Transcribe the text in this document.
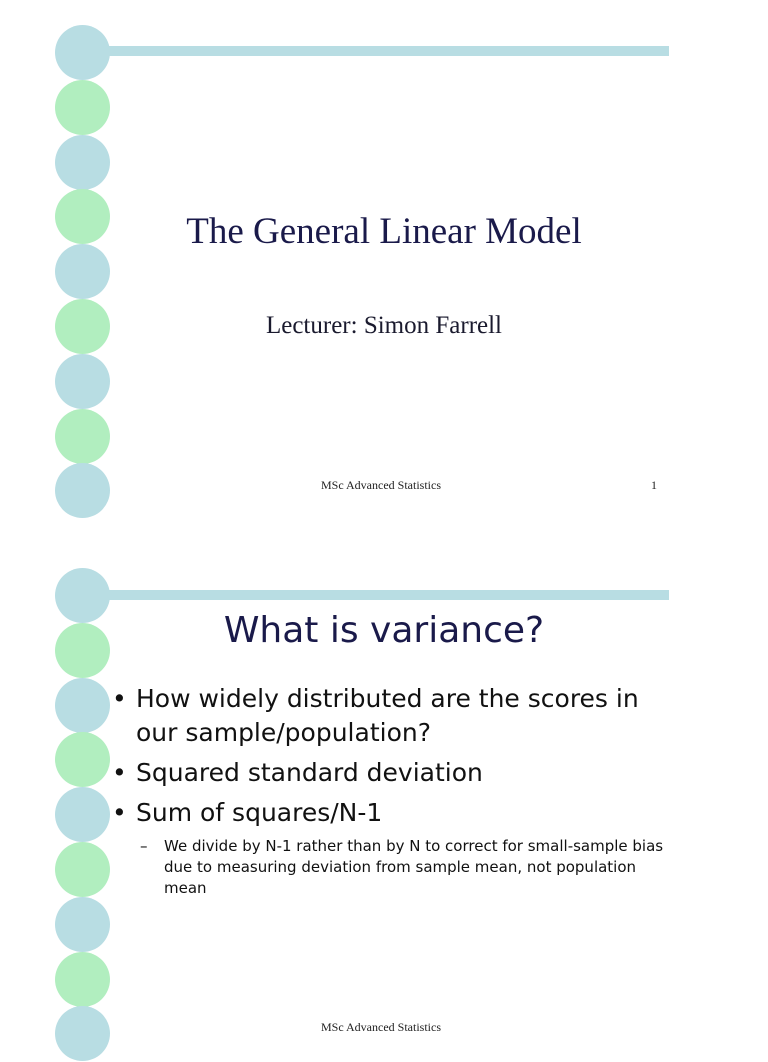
The General Linear Model
Lecturer: Simon Farrell
MSc Advanced Statistics	1
What is variance?
• How widely distributed are the scores in our sample/population?
• Squared standard deviation
• Sum of squares/N-1
– We divide by N-1 rather than by N to correct for small-sample bias due to measuring deviation from sample mean, not population mean
MSc Advanced Statistics
